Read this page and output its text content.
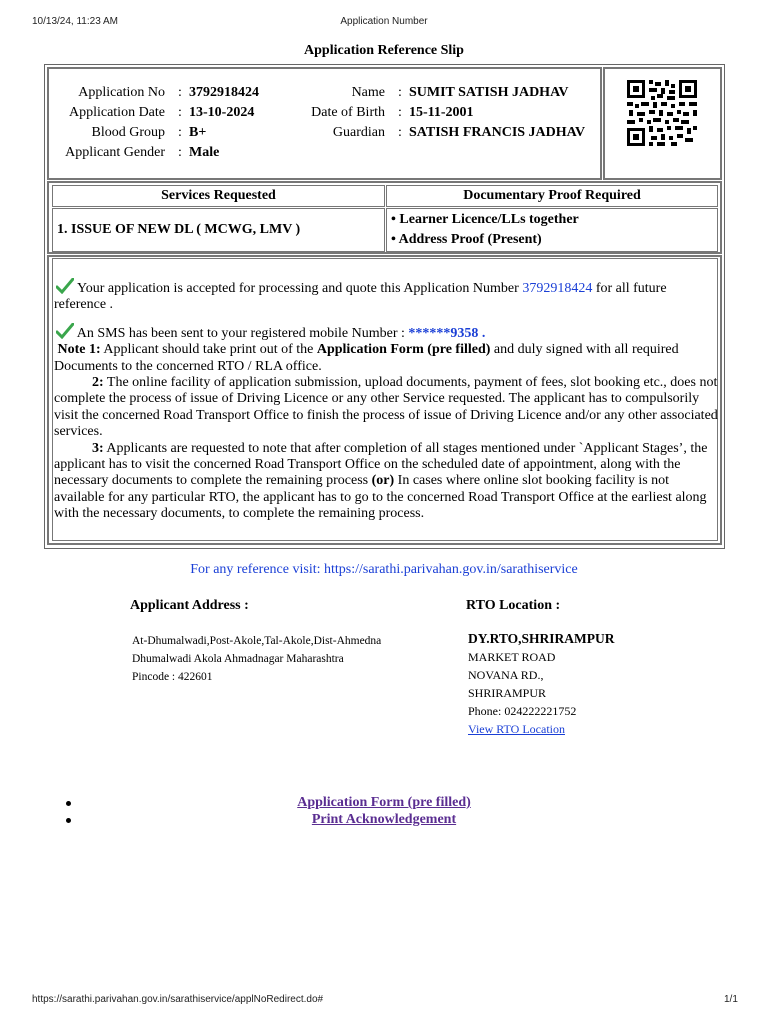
10/13/24, 11:23 AM	Application Number
Application Reference Slip
Application No	:	3792918424	Name	:	SUMIT SATISH JADHAV
Application Date	:	13-10-2024	Date of Birth	:	15-11-2001
Blood Group	:	B+	Guardian	:	SATISH FRANCIS JADHAV
Applicant Gender	:	Male			
Services Requested	Documentary Proof Required
1. ISSUE OF NEW DL ( MCWG, LMV )
• Learner Licence/LLs together
• Address Proof (Present)

Your application is accepted for processing and quote this Application Number 3792918424 for all future reference .

An SMS has been sent to your registered mobile Number : ******9358 .

Note 1: Applicant should take print out of the Application Form (pre filled) and duly signed with all required Documents to the concerned RTO / RLA office.

2: The online facility of application submission, upload documents, payment of fees, slot booking etc., does not complete the process of issue of Driving Licence or any other Service requested. The applicant has to compulsorily visit the concerned Road Transport Office to finish the process of issue of Driving Licence and/or any other associated services.

3: Applicants are requested to note that after completion of all stages mentioned under `Applicant Stages’, the applicant has to visit the concerned Road Transport Office on the scheduled date of appointment, along with the necessary documents to complete the remaining process (or) In cases where online slot booking facility is not available for any particular RTO, the applicant has to go to the concerned Road Transport Office at the earliest along with the necessary documents, to complete the remaining process.

For any reference visit: https://sarathi.parivahan.gov.in/sarathiservice
Applicant Address :	RTO Location :
At-Dhumalwadi,Post-Akole,Tal-Akole,Dist-Ahmedna
Dhumalwadi Akola Ahmadnagar Maharashtra
Pincode : 422601
DY.RTO,SHRIRAMPUR
MARKET ROAD
NOVANA RD.,
SHRIRAMPUR
Phone: 024222221752
View RTO Location
Application Form (pre filled)
Print Acknowledgement
https://sarathi.parivahan.gov.in/sarathiservice/applNoRedirect.do#	1/1
